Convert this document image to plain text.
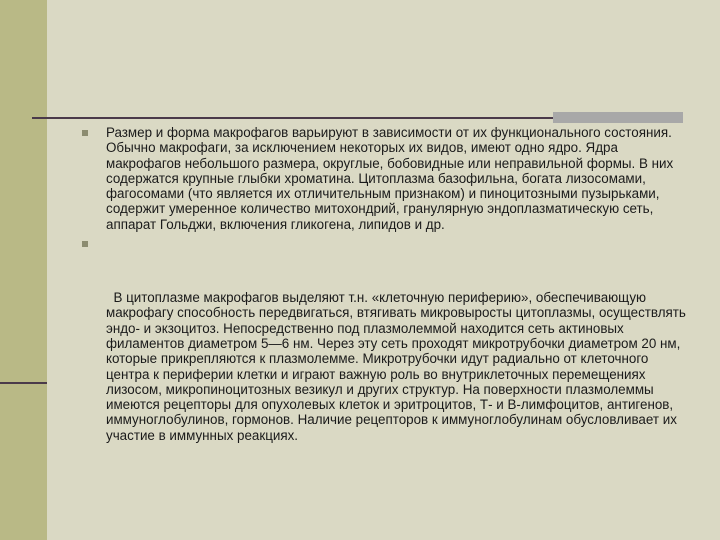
Размер и форма макрофагов варьируют в зависимости от их функционального состояния. Обычно макрофаги, за исключением некоторых их видов, имеют одно ядро. Ядра макрофагов небольшого размера, округлые, бобовидные или неправильной формы. В них содержатся крупные глыбки хроматина. Цитоплазма базофильна, богата лизосомами, фагосомами (что является их отличительным признаком) и пиноцитозными пузырьками, содержит умеренное количество митохондрий, гранулярную эндоплазматическую сеть, аппарат Гольджи, включения гликогена, липидов и др.

В цитоплазме макрофагов выделяют т.н. «клеточную периферию», обеспечивающую макрофагу способность передвигаться, втягивать микровыросты цитоплазмы, осуществлять эндо- и экзоцитоз. Непосредственно под плазмолеммой находится сеть актиновых филаментов диаметром 5—6 нм. Через эту сеть проходят микротрубочки диаметром 20 нм, которые прикрепляются к плазмолемме. Микротрубочки идут радиально от клеточного центра к периферии клетки и играют важную роль во внутриклеточных перемещениях лизосом, микропиноцитозных везикул и других структур. На поверхности плазмолеммы имеются рецепторы для опухолевых клеток и эритроцитов, Т- и В-лимфоцитов, антигенов, иммуноглобулинов, гормонов. Наличие рецепторов к иммуноглобулинам обусловливает их участие в иммунных реакциях.
